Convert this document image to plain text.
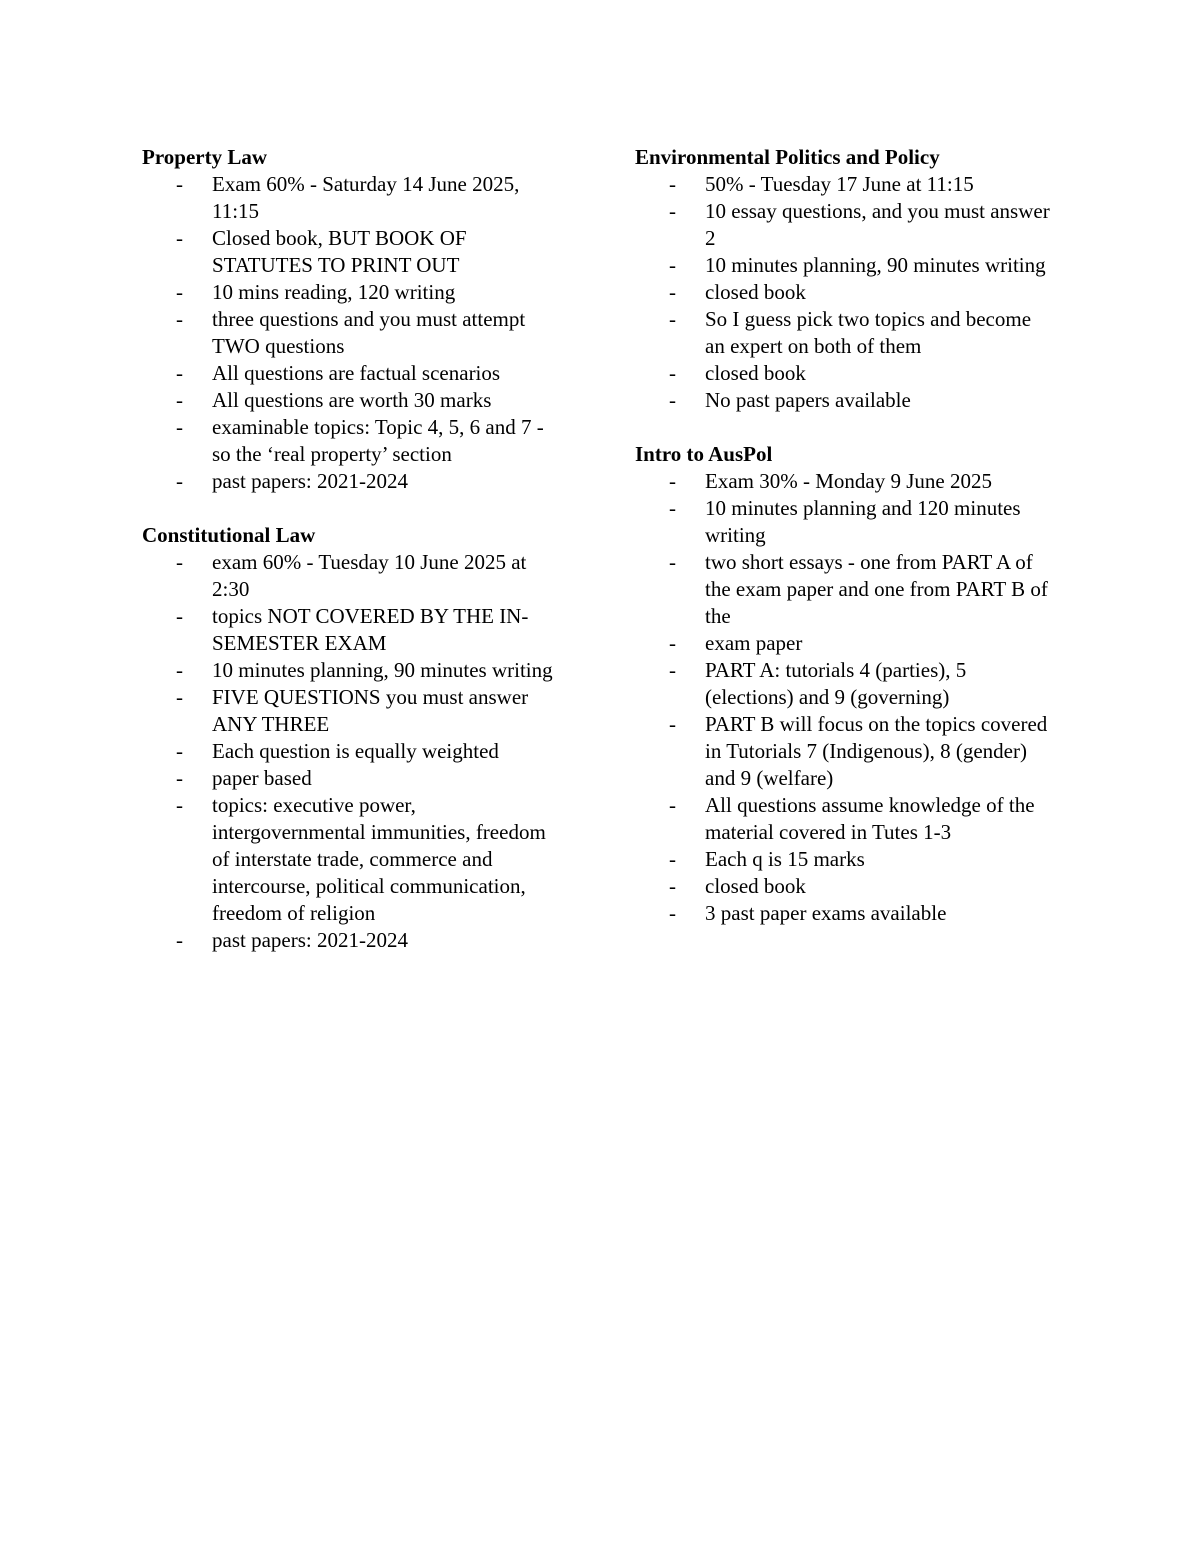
Property Law
- Exam 60% - Saturday 14 June 2025, 11:15
- Closed book, BUT BOOK OF STATUTES TO PRINT OUT
- 10 mins reading, 120 writing
- three questions and you must attempt TWO questions
- All questions are factual scenarios
- All questions are worth 30 marks
- examinable topics: Topic 4, 5, 6 and 7 - so the ‘real property’ section
- past papers: 2021-2024
Constitutional Law
- exam 60% - Tuesday 10 June 2025 at 2:30
- topics NOT COVERED BY THE IN-SEMESTER EXAM
- 10 minutes planning, 90 minutes writing
- FIVE QUESTIONS you must answer ANY THREE
- Each question is equally weighted
- paper based
- topics: executive power, intergovernmental immunities, freedom of interstate trade, commerce and intercourse, political communication, freedom of religion
- past papers: 2021-2024
Environmental Politics and Policy
- 50% - Tuesday 17 June at 11:15
- 10 essay questions, and you must answer 2
- 10 minutes planning, 90 minutes writing
- closed book
- So I guess pick two topics and become an expert on both of them
- closed book
- No past papers available
Intro to AusPol
- Exam 30% - Monday 9 June 2025
- 10 minutes planning and 120 minutes writing
- two short essays - one from PART A of the exam paper and one from PART B of the
- exam paper
- PART A: tutorials 4 (parties), 5 (elections) and 9 (governing)
- PART B will focus on the topics covered in Tutorials 7 (Indigenous), 8 (gender) and 9 (welfare)
- All questions assume knowledge of the material covered in Tutes 1-3
- Each q is 15 marks
- closed book
- 3 past paper exams available
